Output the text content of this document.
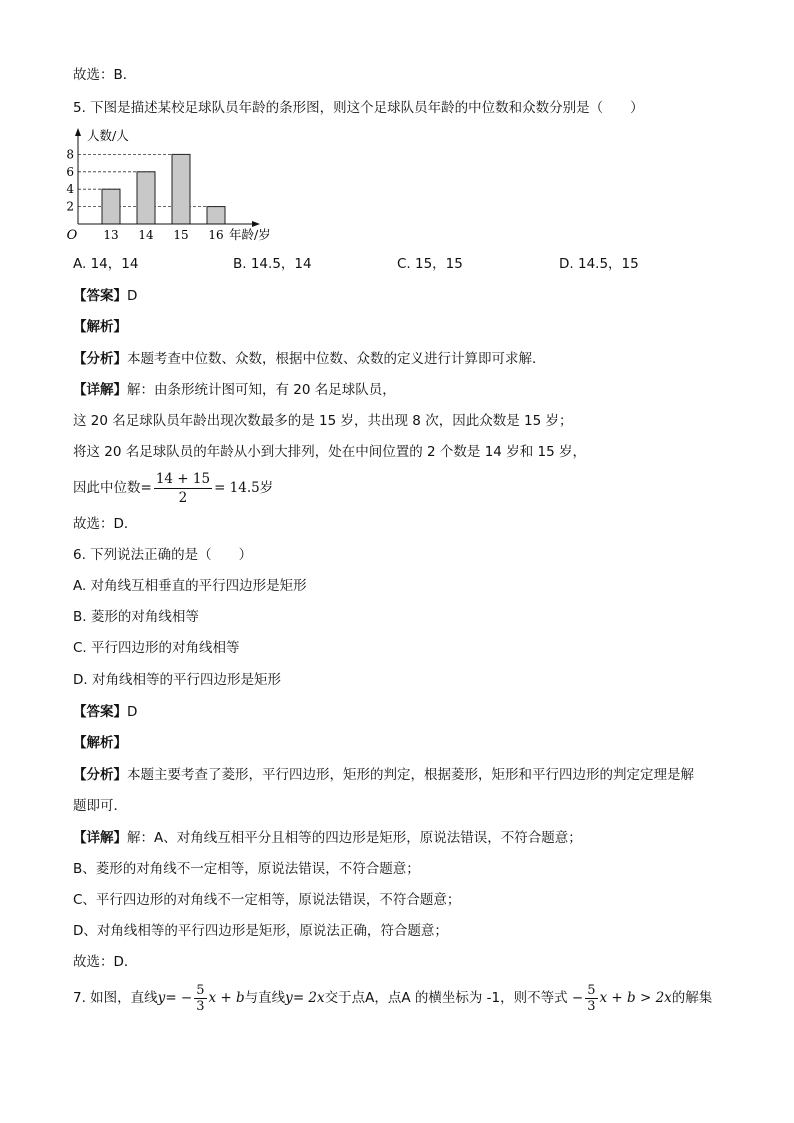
故选：B．
5. 下图是描述某校足球队员年龄的条形图，则这个足球队员年龄的中位数和众数分别是（　　）
2
4
6
8
13 14 15 16
O
人数/人
年龄/岁
A. 14，14	B. 14.5，14	C. 15，15	D. 14.5，15
【答案】D
【解析】
【分析】本题考查中位数、众数，根据中位数、众数的定义进行计算即可求解．
【详解】解：由条形统计图可知，有 20 名足球队员，
这 20 名足球队员年龄出现次数最多的是 15 岁，共出现 8 次，因此众数是 15 岁；
将这 20 名足球队员的年龄从小到大排列，处在中间位置的 2 个数是 14 岁和 15 岁，
因此中位数= $\frac{14 + 15}{2} = 14.5$岁
故选：D．
6. 下列说法正确的是（　　）
A. 对角线互相垂直的平行四边形是矩形
B. 菱形的对角线相等
C. 平行四边形的对角线相等
D. 对角线相等的平行四边形是矩形
【答案】D
【解析】
【分析】本题主要考查了菱形，平行四边形，矩形的判定，根据菱形，矩形和平行四边形的判定定理是解
题即可．
【详解】解：A、对角线互相平分且相等的四边形是矩形，原说法错误，不符合题意；
B、菱形的对角线不一定相等，原说法错误，不符合题意；
C、平行四边形的对角线不一定相等，原说法错误，不符合题意；
D、对角线相等的平行四边形是矩形，原说法正确，符合题意；
故选：D．
7. 如图，直线$y= - \frac{5}{3}$ x + b与直线y= 2x交于点A，点A 的横坐标为 -1，则不等式 − $\frac{5}{3}$ x + b > 2x的解集
